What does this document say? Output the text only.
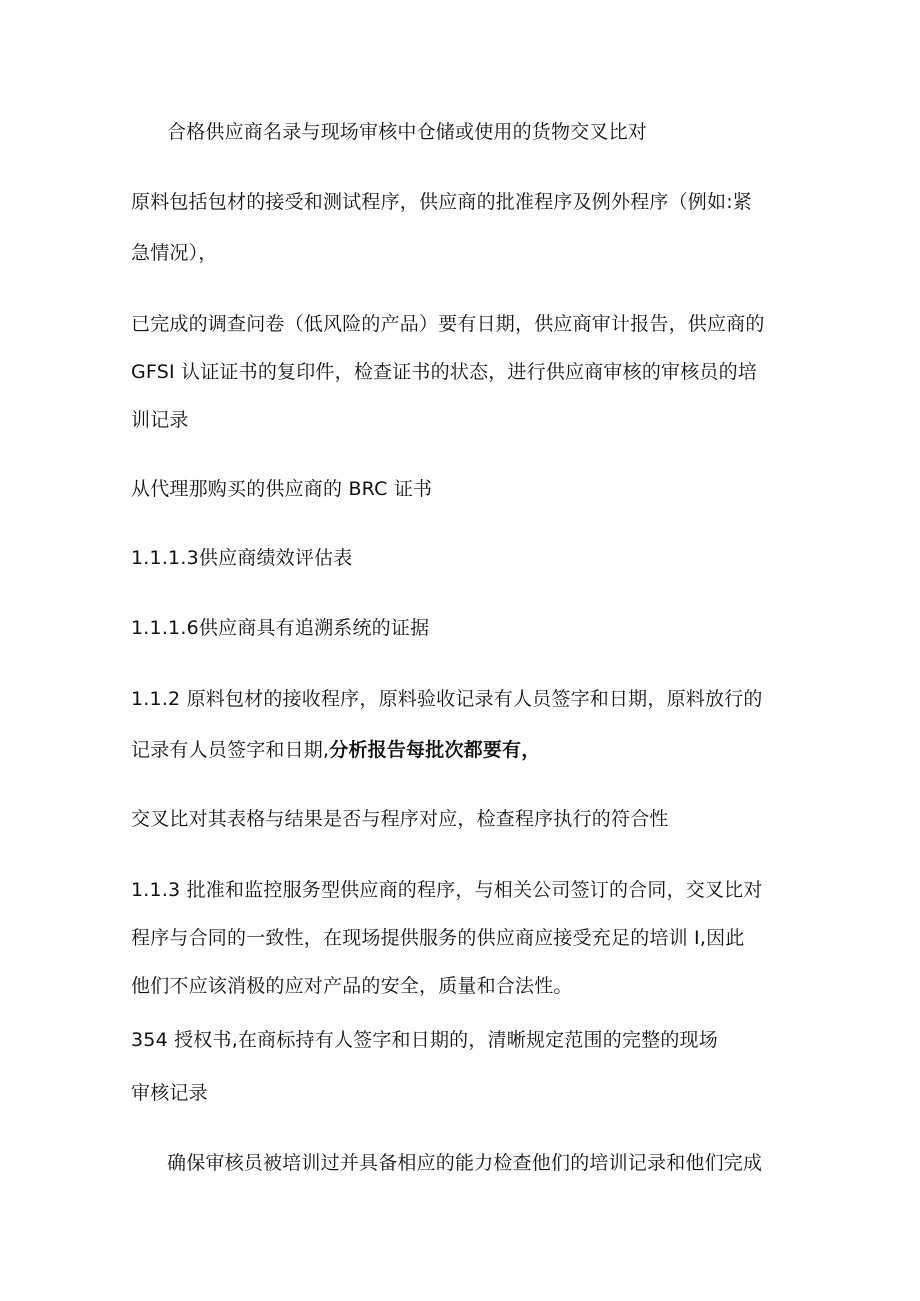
合格供应商名录与现场审核中仓储或使用的货物交叉比对
原料包括包材的接受和测试程序，供应商的批准程序及例外程序（例如:紧
急情况），
已完成的调查问卷（低风险的产品）要有日期，供应商审计报告，供应商的
GFSI 认证证书的复印件，检查证书的状态，进行供应商审核的审核员的培
训记录
从代理那购买的供应商的 BRC 证书
1.1.1.3供应商绩效评估表
1.1.1.6供应商具有追溯系统的证据
1.1.2 原料包材的接收程序，原料验收记录有人员签字和日期，原料放行的
记录有人员签字和日期,分析报告每批次都要有，
交叉比对其表格与结果是否与程序对应，检查程序执行的符合性
1.1.3 批准和监控服务型供应商的程序，与相关公司签订的合同，交叉比对
程序与合同的一致性，在现场提供服务的供应商应接受充足的培训 I,因此
他们不应该消极的应对产品的安全，质量和合法性。
354 授权书,在商标持有人签字和日期的，清晰规定范围的完整的现场
审核记录
确保审核员被培训过并具备相应的能力检查他们的培训记录和他们完成
